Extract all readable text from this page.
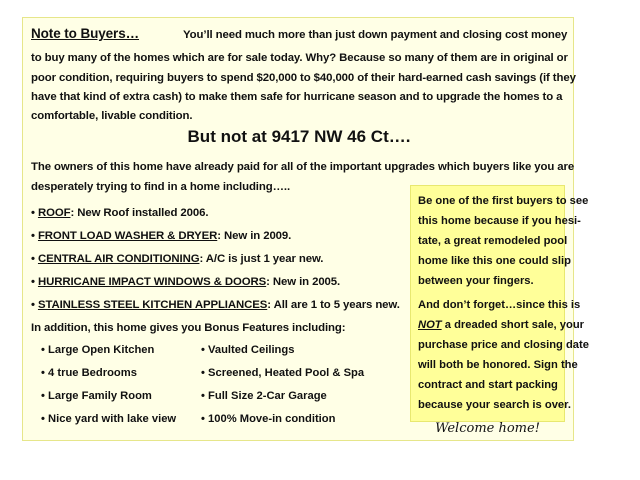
Note to Buyers…	You’ll need much more than just down payment and closing cost money
to buy many of the homes which are for sale today. Why? Because so many of them are in original or
poor condition, requiring buyers to spend $20,000 to $40,000 of their hard-earned cash savings (if they
have that kind of extra cash) to make them safe for hurricane season and to upgrade the homes to a
comfortable, livable condition.
But not at 9417 NW 46 Ct….
The owners of this home have already paid for all of the important upgrades which buyers like you are
desperately trying to find in a home including…..
• ROOF: New Roof installed 2006.
• FRONT LOAD WASHER & DRYER: New in 2009.
• CENTRAL AIR CONDITIONING: A/C is just 1 year new.
• HURRICANE IMPACT WINDOWS & DOORS: New in 2005.
• STAINLESS STEEL KITCHEN APPLIANCES: All are 1 to 5 years new.
In addition, this home gives you Bonus Features including:
• Large Open Kitchen
• 4 true Bedrooms
• Large Family Room
• Nice yard with lake view
• Vaulted Ceilings
• Screened, Heated Pool & Spa
• Full Size 2-Car Garage
• 100% Move-in condition
Be one of the first buyers to see
this home because if you hesi-
tate, a great remodeled pool
home like this one could slip
between your fingers.
And don’t forget…since this is
NOT a dreaded short sale, your
purchase price and closing date
will both be honored. Sign the
contract and start packing
because your search is over.
Welcome home!
